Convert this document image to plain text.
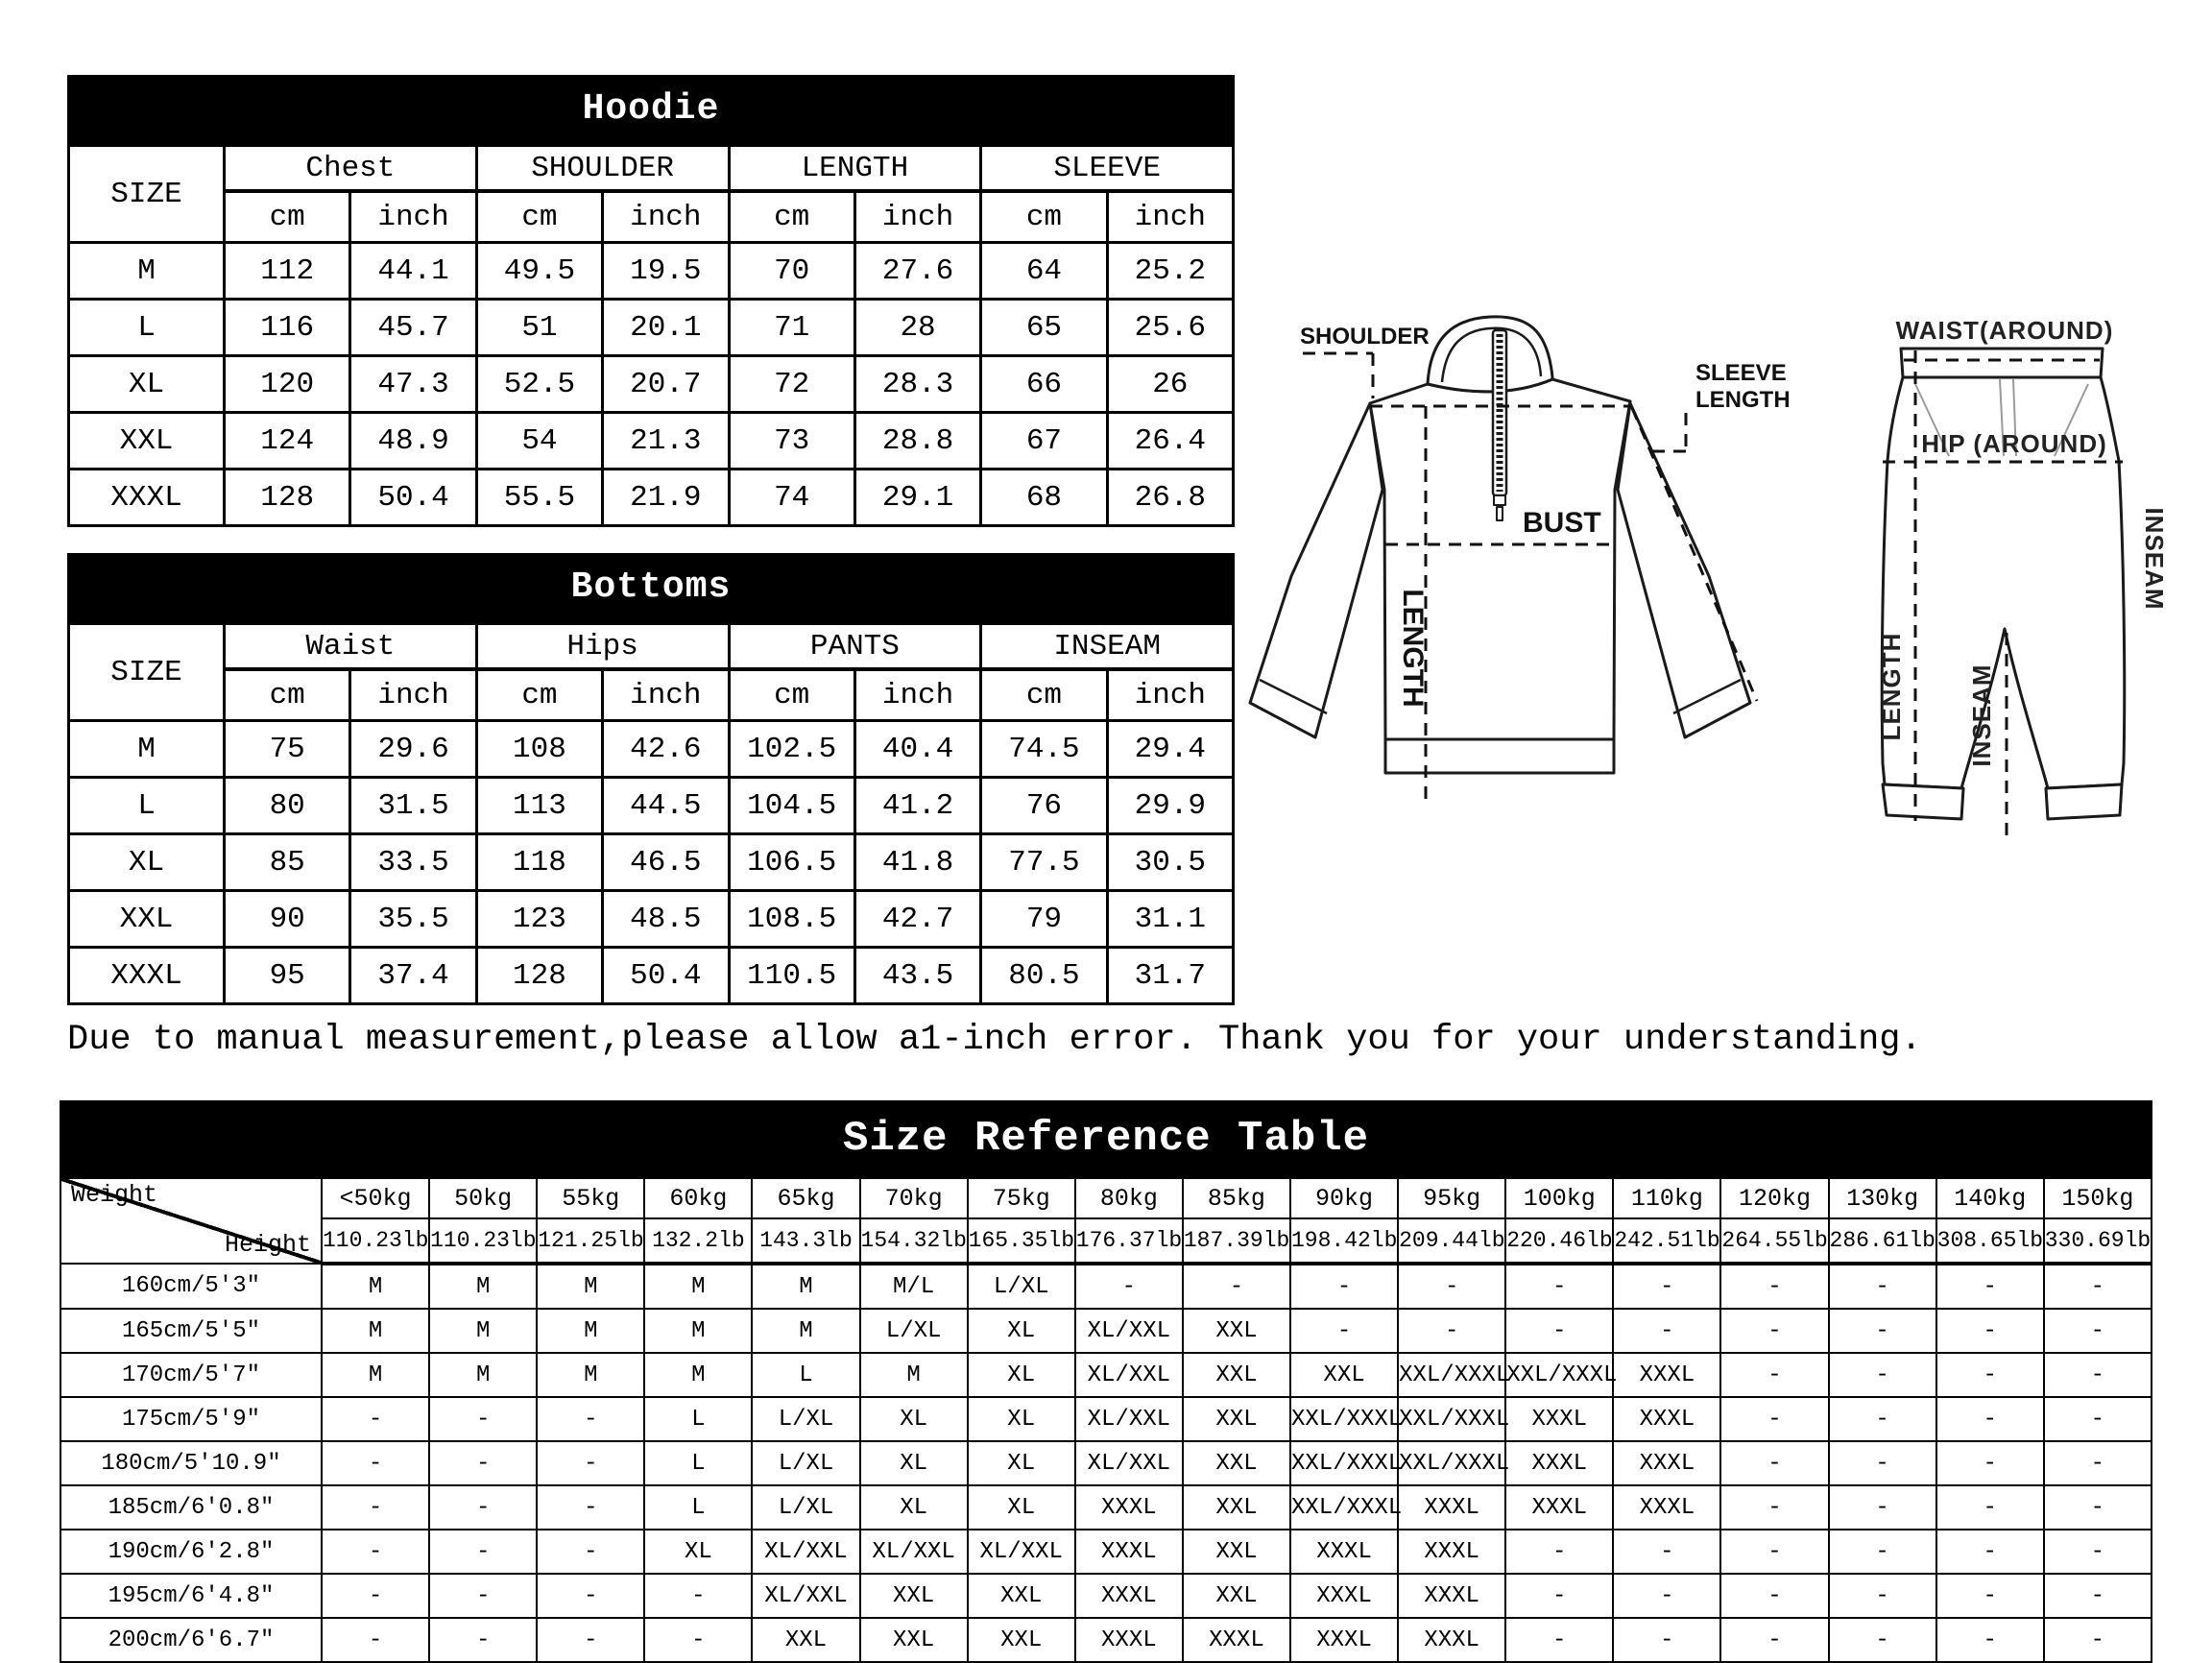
Hoodie
SIZE	Chest		SHOULDER		LENGTH		SLEEVE	
	cm	inch	cm	inch	cm	inch	cm	inch
M	112	44.1	49.5	19.5	70	27.6	64	25.2
L	116	45.7	51	20.1	71	28	65	25.6
XL	120	47.3	52.5	20.7	72	28.3	66	26
XXL	124	48.9	54	21.3	73	28.8	67	26.4
XXXL	128	50.4	55.5	21.9	74	29.1	68	26.8
Bottoms
SIZE	Waist		Hips		PANTS		INSEAM	
	cm	inch	cm	inch	cm	inch	cm	inch
M	75	29.6	108	42.6	102.5	40.4	74.5	29.4
L	80	31.5	113	44.5	104.5	41.2	76	29.9
XL	85	33.5	118	46.5	106.5	41.8	77.5	30.5
XXL	90	35.5	123	48.5	108.5	42.7	79	31.1
XXXL	95	37.4	128	50.4	110.5	43.5	80.5	31.7
Due to manual measurement,please allow a1-inch error. Thank you for your understanding.
Size Reference Table
Weight
Height	<50kg	50kg	55kg	60kg	65kg	70kg	75kg	80kg	85kg	90kg	95kg	100kg	110kg	120kg	130kg	140kg	150kg
	110.23lb	110.23lb	121.25lb	132.2lb	143.3lb	154.32lb	165.35lb	176.37lb	187.39lb	198.42lb	209.44lb	220.46lb	242.51lb	264.55lb	286.61lb	308.65lb	330.69lb
160cm/5'3″	M	M	M	M	M	M/L	L/XL	-	-	-	-	-	-	-	-	-	-
165cm/5'5″	M	M	M	M	M	L/XL	XL	XL/XXL	XXL	-	-	-	-	-	-	-	-
170cm/5'7″	M	M	M	M	L	M	XL	XL/XXL	XXL	XXL	XXL/XXXL	XXL/XXXL	XXXL	-	-	-	-
175cm/5'9″	-	-	-	L	L/XL	XL	XL	XL/XXL	XXL	XXL/XXXL	XXL/XXXL	XXXL	XXXL	-	-	-	-
180cm/5'10.9″	-	-	-	L	L/XL	XL	XL	XL/XXL	XXL	XXL/XXXL	XXL/XXXL	XXXL	XXXL	-	-	-	-
185cm/6'0.8″	-	-	-	L	L/XL	XL	XL	XXXL	XXL	XXL/XXXL	XXXL	XXXL	XXXL	-	-	-	-
190cm/6'2.8″	-	-	-	XL	XL/XXL	XL/XXL	XL/XXL	XXXL	XXL	XXXL	XXXL	-	-	-	-	-	-
195cm/6'4.8″	-	-	-	-	XL/XXL	XXL	XXL	XXXL	XXL	XXXL	XXXL	-	-	-	-	-	-
200cm/6'6.7″	-	-	-	-	XXL	XXL	XXL	XXXL	XXXL	XXXL	XXXL	-	-	-	-	-	-
SHOULDER
SLEEVE
LENGTH
BUST
LENGTH
WAIST(AROUND)
HIP (AROUND)
LENGTH INSEAM
INSEAM
